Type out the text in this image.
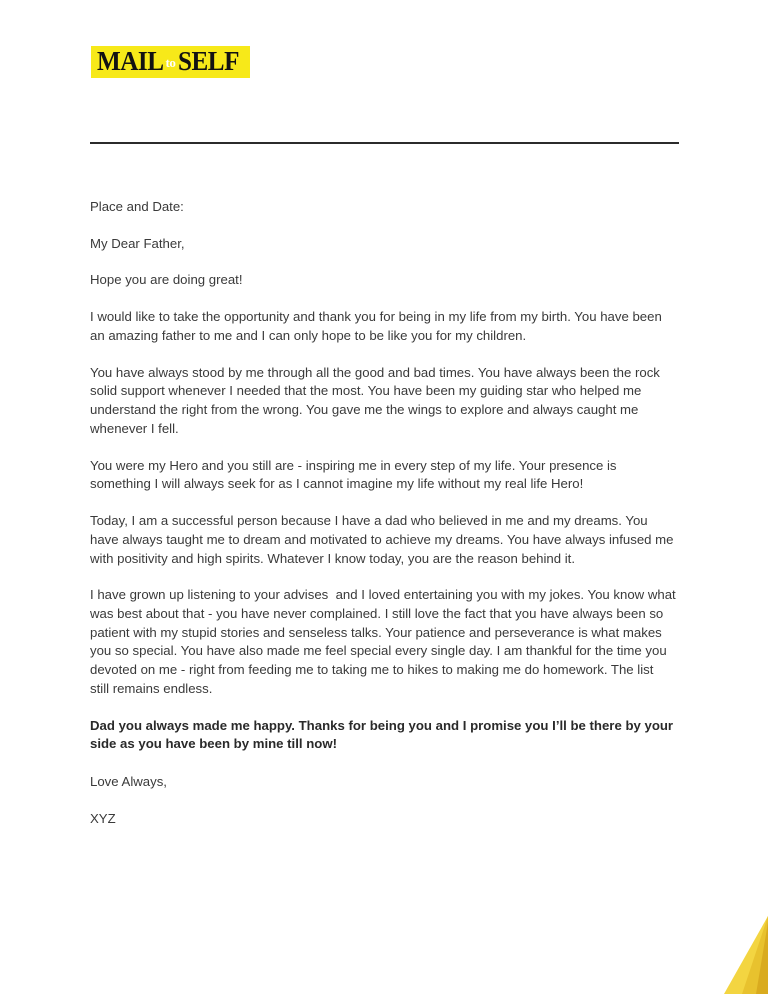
MAIL to SELF

Place and Date:

My Dear Father,

Hope you are doing great!

I would like to take the opportunity and thank you for being in my life from my birth. You have been an amazing father to me and I can only hope to be like you for my children.

You have always stood by me through all the good and bad times. You have always been the rock solid support whenever I needed that the most. You have been my guiding star who helped me understand the right from the wrong. You gave me the wings to explore and always caught me whenever I fell.

You were my Hero and you still are - inspiring me in every step of my life. Your presence is something I will always seek for as I cannot imagine my life without my real life Hero!

Today, I am a successful person because I have a dad who believed in me and my dreams. You have always taught me to dream and motivated to achieve my dreams. You have always infused me with positivity and high spirits. Whatever I know today, you are the reason behind it.

I have grown up listening to your advises  and I loved entertaining you with my jokes. You know what was best about that - you have never complained. I still love the fact that you have always been so patient with my stupid stories and senseless talks. Your patience and perseverance is what makes you so special. You have also made me feel special every single day. I am thankful for the time you devoted on me - right from feeding me to taking me to hikes to making me do homework. The list still remains endless.

Dad you always made me happy. Thanks for being you and I promise you I’ll be there by your side as you have been by mine till now!

Love Always,

XYZ
